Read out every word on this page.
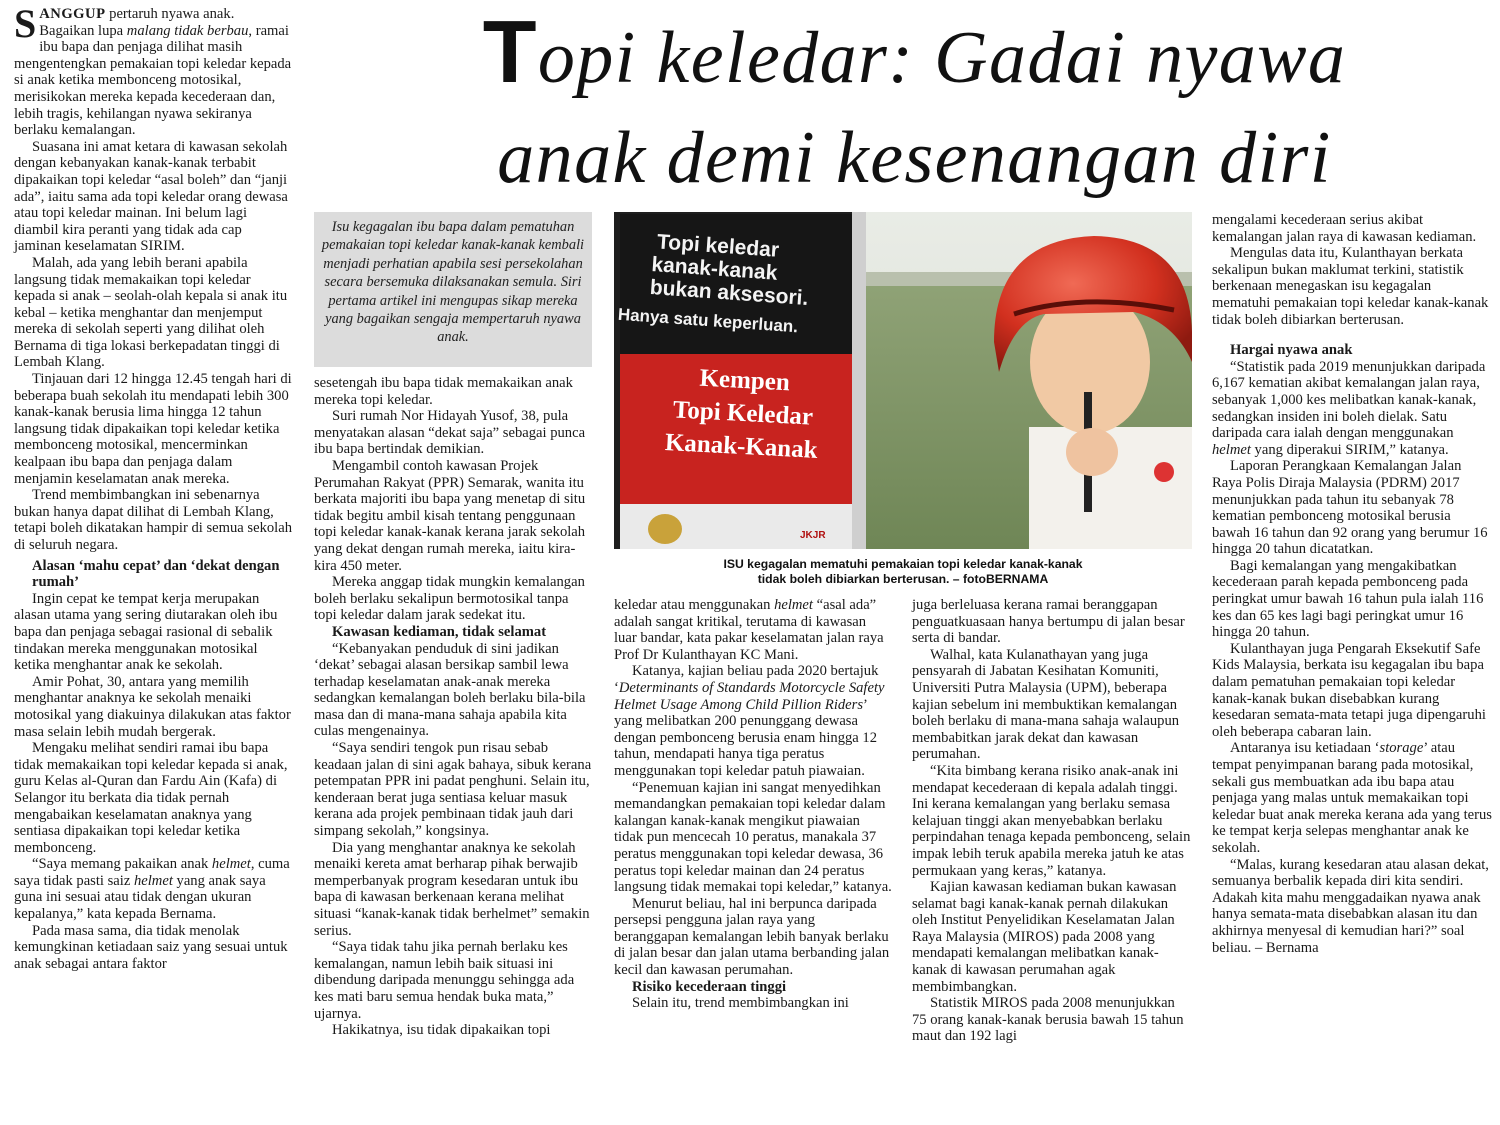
Topi keledar: Gadai nyawa
anak demi kesenangan diri

SANGGUP pertaruh nyawa anak. Bagaikan lupa malang tidak berbau, ramai ibu bapa dan penjaga dilihat masih mengentengkan pemakaian topi keledar kepada si anak ketika membonceng motosikal, merisikokan mereka kepada kecederaan dan, lebih tragis, kehilangan nyawa sekiranya berlaku kemalangan.

Suasana ini amat ketara di kawasan sekolah dengan kebanyakan kanak-kanak terbabit dipakaikan topi keledar “asal boleh” dan “janji ada”, iaitu sama ada topi keledar orang dewasa atau topi keledar mainan. Ini belum lagi diambil kira peranti yang tidak ada cap jaminan keselamatan SIRIM.

Malah, ada yang lebih berani apabila langsung tidak memakaikan topi keledar kepada si anak – seolah-olah kepala si anak itu kebal – ketika menghantar dan menjemput mereka di sekolah seperti yang dilihat oleh Bernama di tiga lokasi berkepadatan tinggi di Lembah Klang.

Tinjauan dari 12 hingga 12.45 tengah hari di beberapa buah sekolah itu mendapati lebih 300 kanak-kanak berusia lima hingga 12 tahun langsung tidak dipakaikan topi keledar ketika membonceng motosikal, mencerminkan kealpaan ibu bapa dan penjaga dalam menjamin keselamatan anak mereka.

Trend membimbangkan ini sebenarnya bukan hanya dapat dilihat di Lembah Klang, tetapi boleh dikatakan hampir di semua sekolah di seluruh negara.

Alasan ‘mahu cepat’ dan ‘dekat dengan rumah’

Ingin cepat ke tempat kerja merupakan alasan utama yang sering diutarakan oleh ibu bapa dan penjaga sebagai rasional di sebalik tindakan mereka menggunakan motosikal ketika menghantar anak ke sekolah.

Amir Pohat, 30, antara yang memilih menghantar anaknya ke sekolah menaiki motosikal yang diakuinya dilakukan atas faktor masa selain lebih mudah bergerak.

Mengaku melihat sendiri ramai ibu bapa tidak memakaikan topi keledar kepada si anak, guru Kelas al-Quran dan Fardu Ain (Kafa) di Selangor itu berkata dia tidak pernah mengabaikan keselamatan anaknya yang sentiasa dipakaikan topi keledar ketika membonceng.

“Saya memang pakaikan anak helmet, cuma saya tidak pasti saiz helmet yang anak saya guna ini sesuai atau tidak dengan ukuran kepalanya,” kata kepada Bernama.

Pada masa sama, dia tidak menolak kemungkinan ketiadaan saiz yang sesuai untuk anak sebagai antara faktor

Isu kegagalan ibu bapa dalam pematuhan pemakaian topi keledar kanak-kanak kembali menjadi perhatian apabila sesi persekolahan secara bersemuka dilaksanakan semula. Siri pertama artikel ini mengupas sikap mereka yang bagaikan sengaja mempertaruh nyawa anak.

sesetengah ibu bapa tidak memakaikan anak mereka topi keledar.

Suri rumah Nor Hidayah Yusof, 38, pula menyatakan alasan “dekat saja” sebagai punca ibu bapa bertindak demikian.

Mengambil contoh kawasan Projek Perumahan Rakyat (PPR) Semarak, wanita itu berkata majoriti ibu bapa yang menetap di situ tidak begitu ambil kisah tentang penggunaan topi keledar kanak-kanak kerana jarak sekolah yang dekat dengan rumah mereka, iaitu kira-kira 450 meter.

Mereka anggap tidak mungkin kemalangan boleh berlaku sekalipun bermotosikal tanpa topi keledar dalam jarak sedekat itu.

Kawasan kediaman, tidak selamat

“Kebanyakan penduduk di sini jadikan ‘dekat’ sebagai alasan bersikap sambil lewa terhadap keselamatan anak-anak mereka sedangkan kemalangan boleh berlaku bila-bila masa dan di mana-mana sahaja apabila kita culas mengenainya.

“Saya sendiri tengok pun risau sebab keadaan jalan di sini agak bahaya, sibuk kerana petempatan PPR ini padat penghuni. Selain itu, kenderaan berat juga sentiasa keluar masuk kerana ada projek pembinaan tidak jauh dari simpang sekolah,” kongsinya.

Dia yang menghantar anaknya ke sekolah menaiki kereta amat berharap pihak berwajib memperbanyak program kesedaran untuk ibu bapa di kawasan berkenaan kerana melihat situasi “kanak-kanak tidak berhelmet” semakin serius.

“Saya tidak tahu jika pernah berlaku kes kemalangan, namun lebih baik situasi ini dibendung daripada menunggu sehingga ada kes mati baru semua hendak buka mata,” ujarnya.

Hakikatnya, isu tidak dipakaikan topi

Topi keledar
kanak-kanak
bukan aksesori.
Hanya satu keperluan.
Kempen
Topi Keledar
Kanak-Kanak
JKJR
ISU kegagalan mematuhi pemakaian topi keledar kanak-kanak
tidak boleh dibiarkan berterusan. – fotoBERNAMA

keledar atau menggunakan helmet “asal ada” adalah sangat kritikal, terutama di kawasan luar bandar, kata pakar keselamatan jalan raya Prof Dr Kulanthayan KC Mani.

Katanya, kajian beliau pada 2020 bertajuk ‘Determinants of Standards Motorcycle Safety Helmet Usage Among Child Pillion Riders’ yang melibatkan 200 penunggang dewasa dengan pembonceng berusia enam hingga 12 tahun, mendapati hanya tiga peratus menggunakan topi keledar patuh piawaian.

“Penemuan kajian ini sangat menyedihkan memandangkan pemakaian topi keledar dalam kalangan kanak-kanak mengikut piawaian tidak pun mencecah 10 peratus, manakala 37 peratus menggunakan topi keledar dewasa, 36 peratus topi keledar mainan dan 24 peratus langsung tidak memakai topi keledar,” katanya.

Menurut beliau, hal ini berpunca daripada persepsi pengguna jalan raya yang beranggapan kemalangan lebih banyak berlaku di jalan besar dan jalan utama berbanding jalan kecil dan kawasan perumahan.

Risiko kecederaan tinggi

Selain itu, trend membimbangkan ini

juga berleluasa kerana ramai beranggapan penguatkuasaan hanya bertumpu di jalan besar serta di bandar.

Walhal, kata Kulanathayan yang juga pensyarah di Jabatan Kesihatan Komuniti, Universiti Putra Malaysia (UPM), beberapa kajian sebelum ini membuktikan kemalangan boleh berlaku di mana-mana sahaja walaupun membabitkan jarak dekat dan kawasan perumahan.

“Kita bimbang kerana risiko anak-anak ini mendapat kecederaan di kepala adalah tinggi. Ini kerana kemalangan yang berlaku semasa kelajuan tinggi akan menyebabkan berlaku perpindahan tenaga kepada pembonceng, selain impak lebih teruk apabila mereka jatuh ke atas permukaan yang keras,” katanya.

Kajian kawasan kediaman bukan kawasan selamat bagi kanak-kanak pernah dilakukan oleh Institut Penyelidikan Keselamatan Jalan Raya Malaysia (MIROS) pada 2008 yang mendapati kemalangan melibatkan kanak-kanak di kawasan perumahan agak membimbangkan.

Statistik MIROS pada 2008 menunjukkan 75 orang kanak-kanak berusia bawah 15 tahun maut dan 192 lagi

mengalami kecederaan serius akibat kemalangan jalan raya di kawasan kediaman.

Mengulas data itu, Kulanthayan berkata sekalipun bukan maklumat terkini, statistik berkenaan menegaskan isu kegagalan mematuhi pemakaian topi keledar kanak-kanak tidak boleh dibiarkan berterusan.

Hargai nyawa anak

“Statistik pada 2019 menunjukkan daripada 6,167 kematian akibat kemalangan jalan raya, sebanyak 1,000 kes melibatkan kanak-kanak, sedangkan insiden ini boleh dielak. Satu daripada cara ialah dengan menggunakan helmet yang diperakui SIRIM,” katanya.

Laporan Perangkaan Kemalangan Jalan Raya Polis Diraja Malaysia (PDRM) 2017 menunjukkan pada tahun itu sebanyak 78 kematian pembonceng motosikal berusia bawah 16 tahun dan 92 orang yang berumur 16 hingga 20 tahun dicatatkan.

Bagi kemalangan yang mengakibatkan kecederaan parah kepada pembonceng pada peringkat umur bawah 16 tahun pula ialah 116 kes dan 65 kes lagi bagi peringkat umur 16 hingga 20 tahun.

Kulanthayan juga Pengarah Eksekutif Safe Kids Malaysia, berkata isu kegagalan ibu bapa dalam pematuhan pemakaian topi keledar kanak-kanak bukan disebabkan kurang kesedaran semata-mata tetapi juga dipengaruhi oleh beberapa cabaran lain.

Antaranya isu ketiadaan ‘storage’ atau tempat penyimpanan barang pada motosikal, sekali gus membuatkan ada ibu bapa atau penjaga yang malas untuk memakaikan topi keledar buat anak mereka kerana ada yang terus ke tempat kerja selepas menghantar anak ke sekolah.

“Malas, kurang kesedaran atau alasan dekat, semuanya berbalik kepada diri kita sendiri. Adakah kita mahu menggadaikan nyawa anak hanya semata-mata disebabkan alasan itu dan akhirnya menyesal di kemudian hari?” soal beliau. – Bernama
